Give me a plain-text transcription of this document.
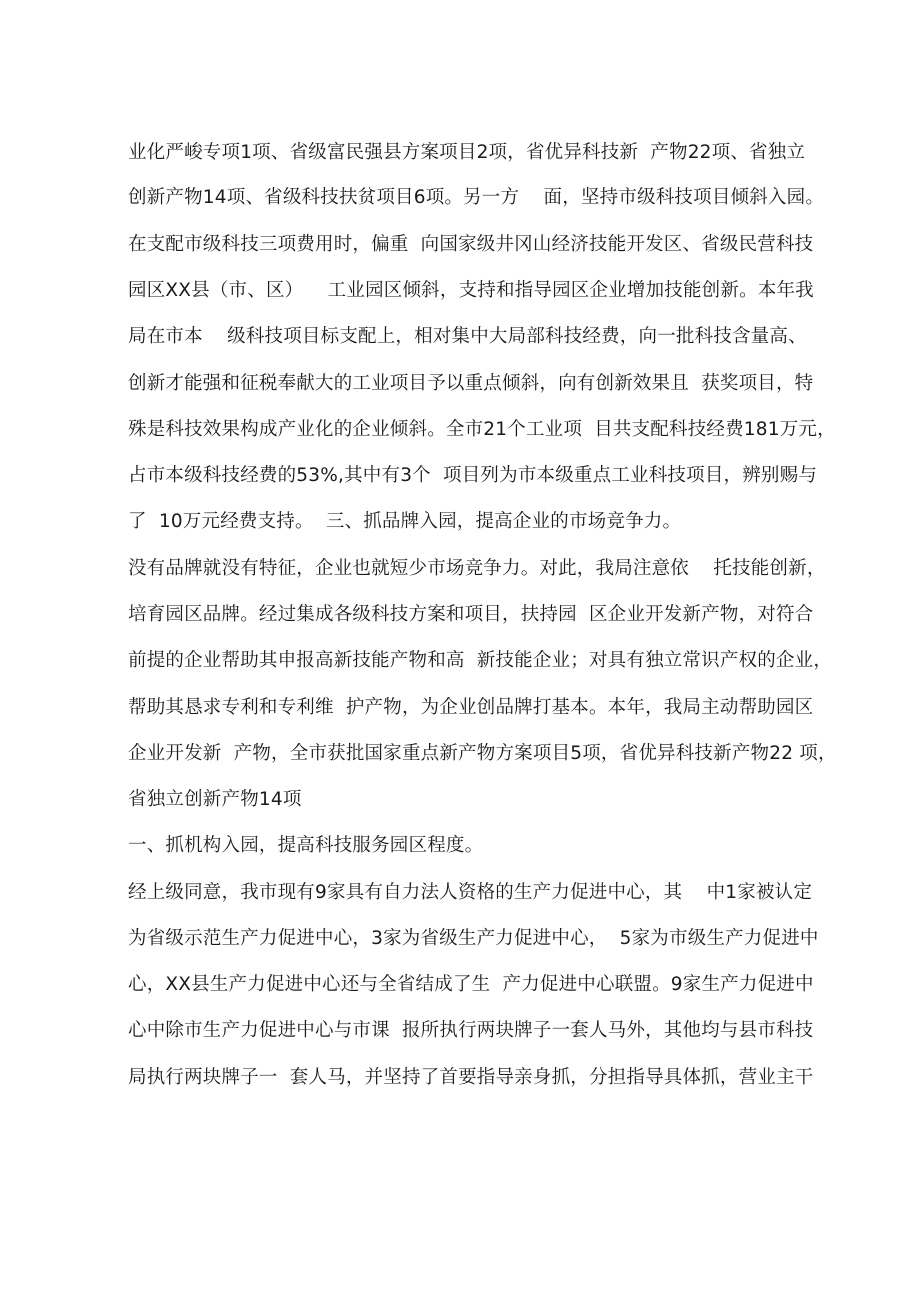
业化严峻专项1项、省级富民强县方案项目2项，省优异科技新  产物22项、省独立
创新产物14项、省级科技扶贫项目6项。另一方    面，坚持市级科技项目倾斜入园。
在支配市级科技三项费用时，偏重  向国家级井冈山经济技能开发区、省级民营科技
园区XX县（市、区）    工业园区倾斜，支持和指导园区企业增加技能创新。本年我
局在市本    级科技项目标支配上，相对集中大局部科技经费，向一批科技含量高、
创新才能强和征税奉献大的工业项目予以重点倾斜，向有创新效果且  获奖项目，特
殊是科技效果构成产业化的企业倾斜。全市21个工业项  目共支配科技经费181万元，
占市本级科技经费的53%,其中有3个  项目列为市本级重点工业科技项目，辨别赐与
了  10万元经费支持。  三、抓品牌入园，提高企业的市场竞争力。
没有品牌就没有特征，企业也就短少市场竞争力。对此，我局注意依    托技能创新，
培育园区品牌。经过集成各级科技方案和项目，扶持园  区企业开发新产物，对符合
前提的企业帮助其申报高新技能产物和高  新技能企业；对具有独立常识产权的企业，
帮助其恳求专利和专利维  护产物，为企业创品牌打基本。本年，我局主动帮助园区
企业开发新  产物，全市获批国家重点新产物方案项目5项，省优异科技新产物22 项，
省独立创新产物14项
一、抓机构入园，提高科技服务园区程度。
经上级同意，我市现有9家具有自力法人资格的生产力促进中心，其    中1家被认定
为省级示范生产力促进中心，3家为省级生产力促进中心，  5家为市级生产力促进中
心，XX县生产力促进中心还与全省结成了生  产力促进中心联盟。9家生产力促进中
心中除市生产力促进中心与市课  报所执行两块牌子一套人马外，其他均与县市科技
局执行两块牌子一  套人马，并坚持了首要指导亲身抓，分担指导具体抓，营业主干
